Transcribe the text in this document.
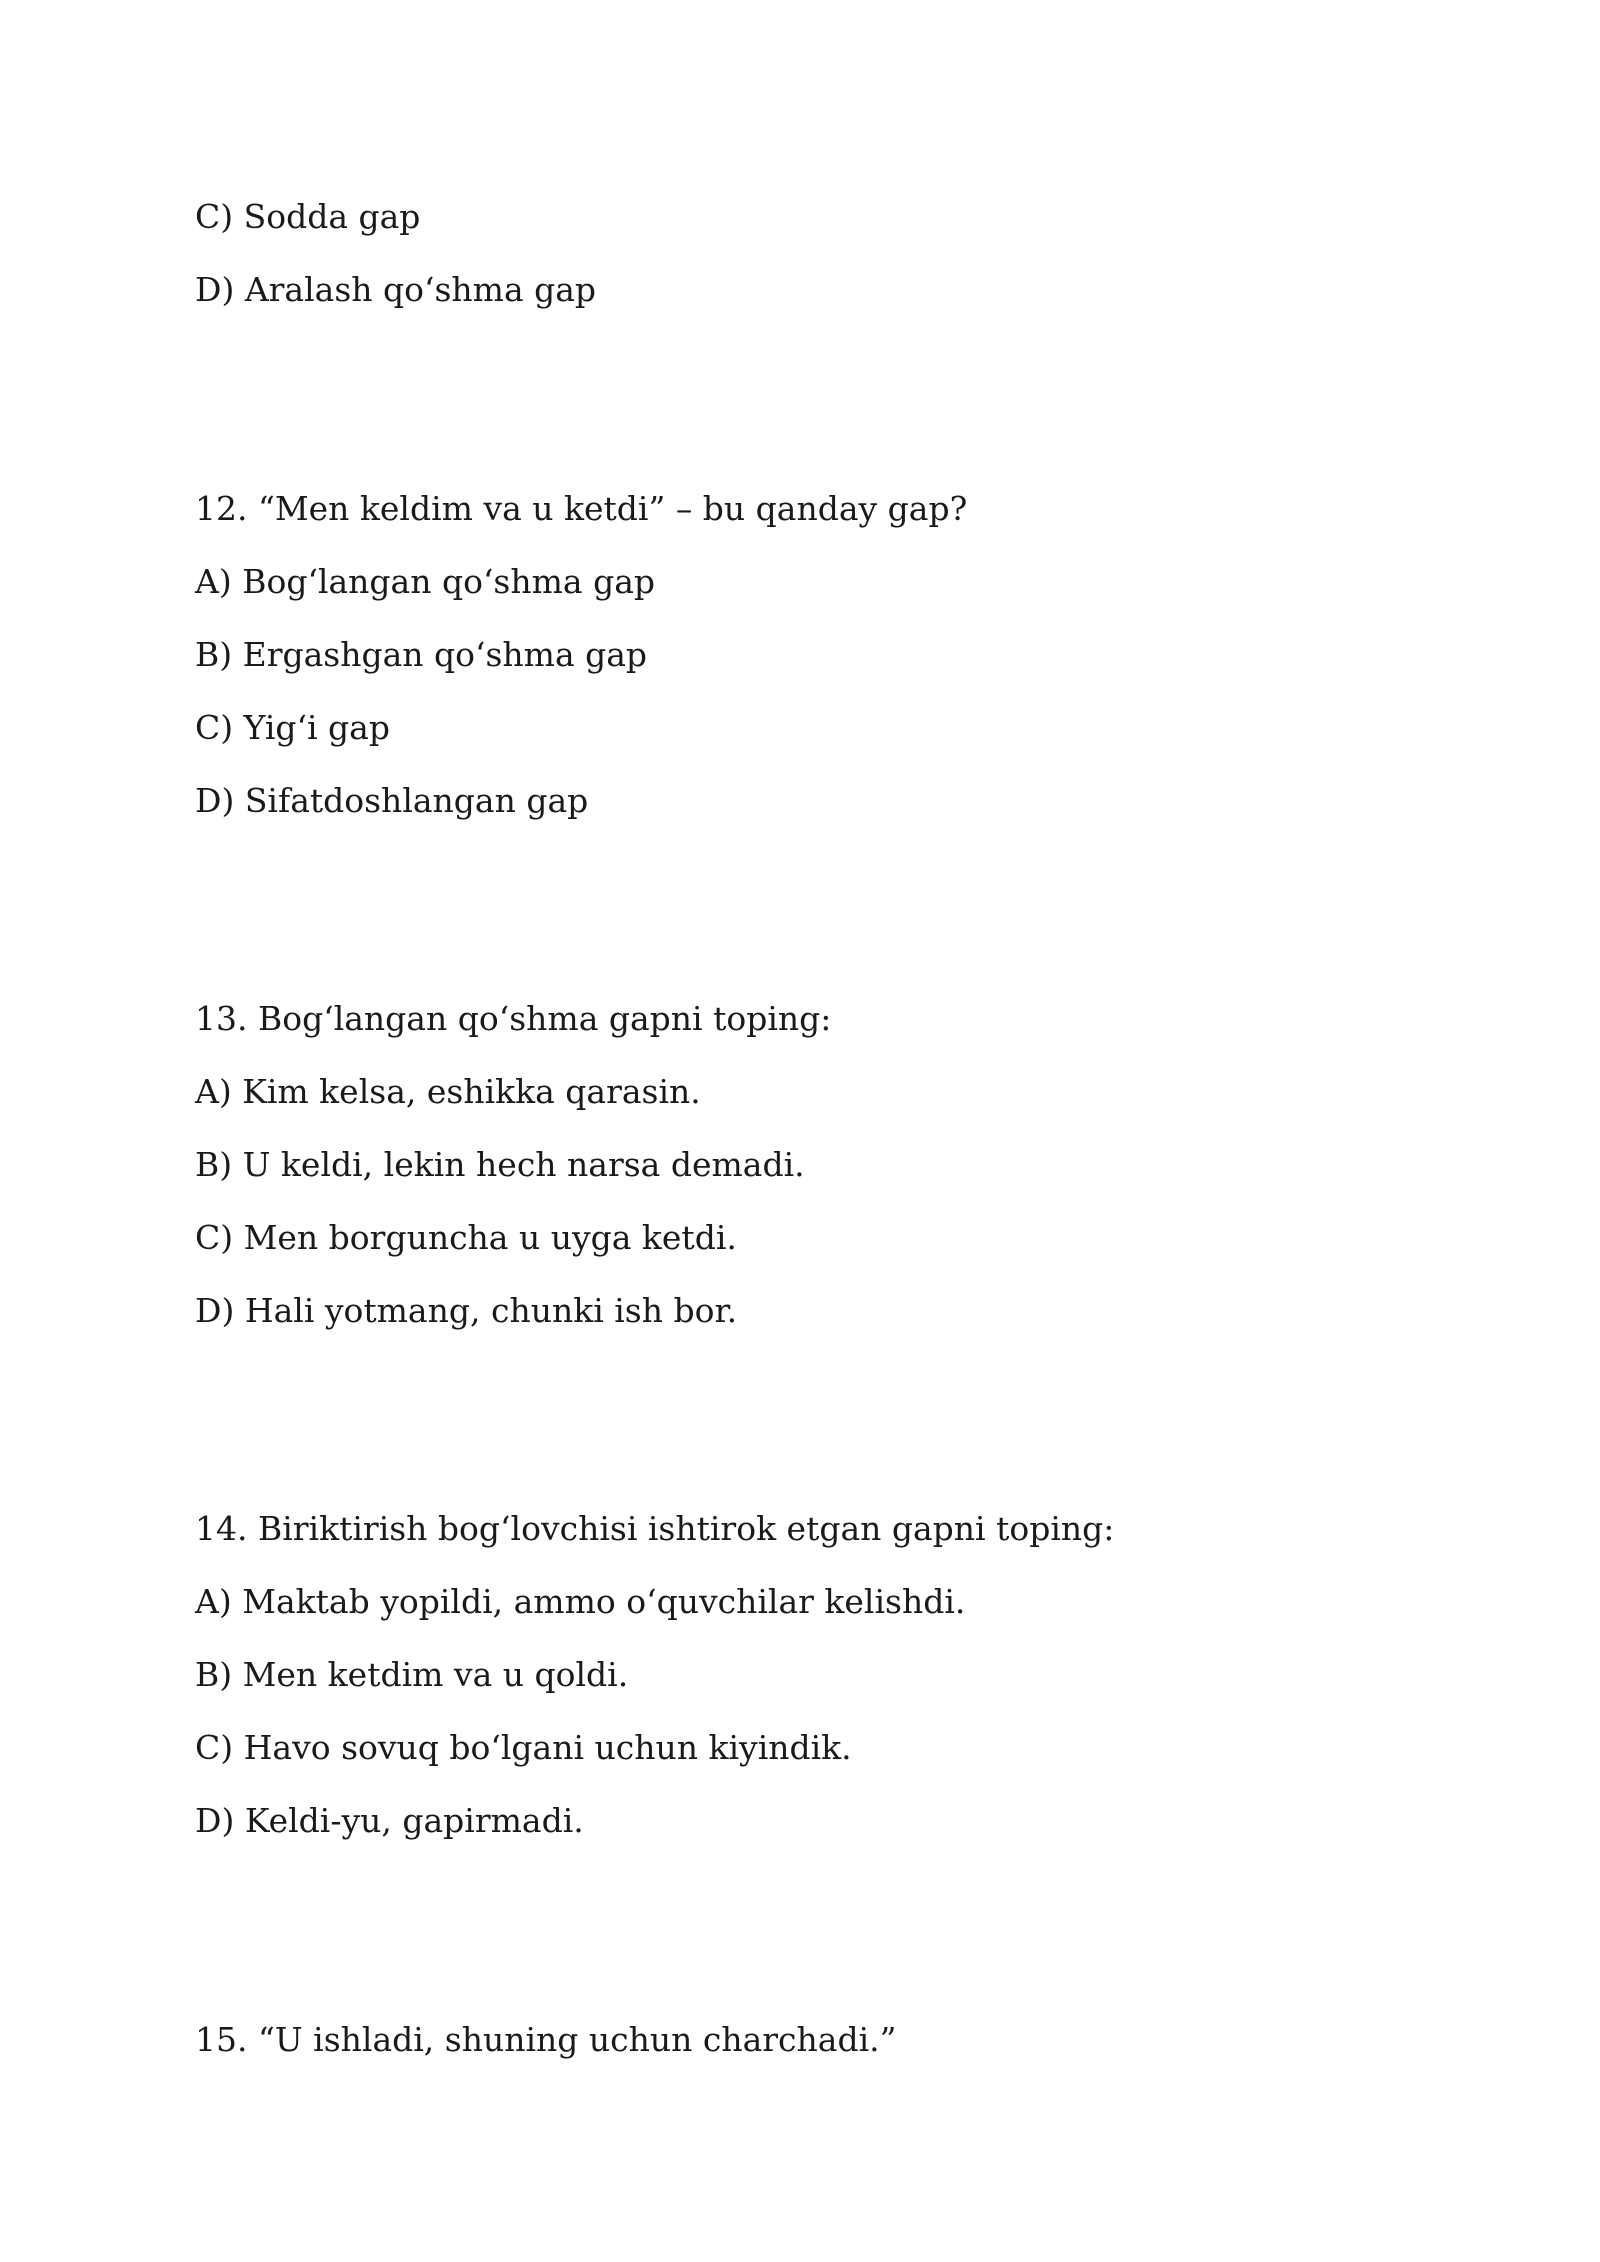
C) Sodda gap
D) Aralash qo‘shma gap
12. “Men keldim va u ketdi” – bu qanday gap?
A) Bog‘langan qo‘shma gap
B) Ergashgan qo‘shma gap
C) Yig‘i gap
D) Sifatdoshlangan gap
13. Bog‘langan qo‘shma gapni toping:
A) Kim kelsa, eshikka qarasin.
B) U keldi, lekin hech narsa demadi.
C) Men borguncha u uyga ketdi.
D) Hali yotmang, chunki ish bor.
14. Biriktirish bog‘lovchisi ishtirok etgan gapni toping:
A) Maktab yopildi, ammo o‘quvchilar kelishdi.
B) Men ketdim va u qoldi.
C) Havo sovuq bo‘lgani uchun kiyindik.
D) Keldi-yu, gapirmadi.
15. “U ishladi, shuning uchun charchadi.”
